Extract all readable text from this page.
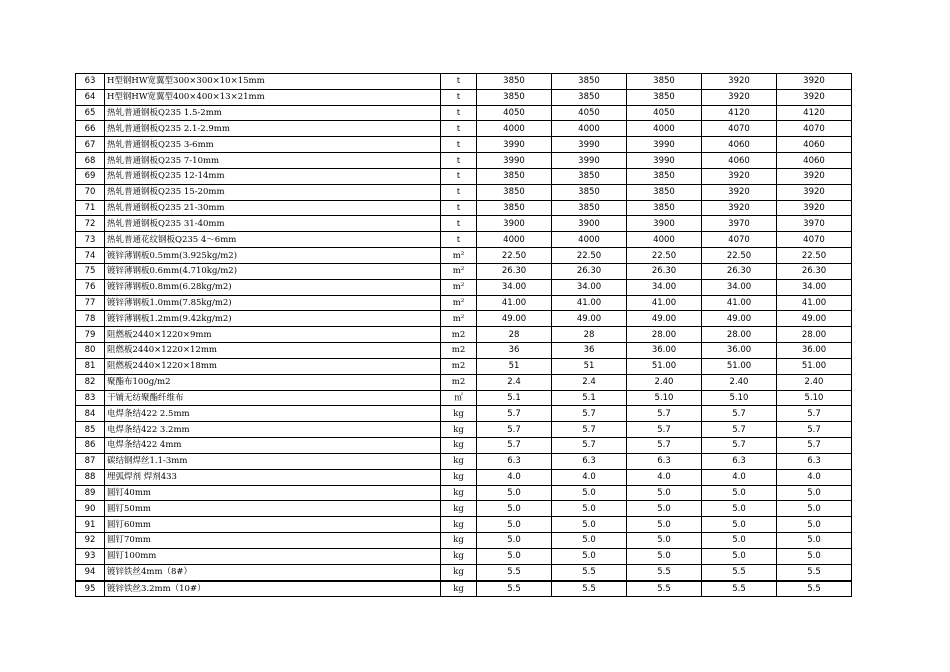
63	H型钢HW宽翼型300×300×10×15mm	t	3850	3850	3850	3920	3920
64	H型钢HW宽翼型400×400×13×21mm	t	3850	3850	3850	3920	3920
65	热轧普通钢板Q235 1.5-2mm	t	4050	4050	4050	4120	4120
66	热轧普通钢板Q235 2.1-2.9mm	t	4000	4000	4000	4070	4070
67	热轧普通钢板Q235 3-6mm	t	3990	3990	3990	4060	4060
68	热轧普通钢板Q235 7-10mm	t	3990	3990	3990	4060	4060
69	热轧普通钢板Q235 12-14mm	t	3850	3850	3850	3920	3920
70	热轧普通钢板Q235 15-20mm	t	3850	3850	3850	3920	3920
71	热轧普通钢板Q235 21-30mm	t	3850	3850	3850	3920	3920
72	热轧普通钢板Q235 31-40mm	t	3900	3900	3900	3970	3970
73	热轧普通花纹钢板Q235 4～6mm	t	4000	4000	4000	4070	4070
74	镀锌薄钢板0.5mm(3.925kg/m2)	m²	22.50	22.50	22.50	22.50	22.50
75	镀锌薄钢板0.6mm(4.710kg/m2)	m²	26.30	26.30	26.30	26.30	26.30
76	镀锌薄钢板0.8mm(6.28kg/m2)	m²	34.00	34.00	34.00	34.00	34.00
77	镀锌薄钢板1.0mm(7.85kg/m2)	m²	41.00	41.00	41.00	41.00	41.00
78	镀锌薄钢板1.2mm(9.42kg/m2)	m²	49.00	49.00	49.00	49.00	49.00
79	阻燃板2440×1220×9mm	m2	28	28	28.00	28.00	28.00
80	阻燃板2440×1220×12mm	m2	36	36	36.00	36.00	36.00
81	阻燃板2440×1220×18mm	m2	51	51	51.00	51.00	51.00
82	聚酯布100g/m2	m2	2.4	2.4	2.40	2.40	2.40
83	干铺无纺聚酯纤维布	㎡	5.1	5.1	5.10	5.10	5.10
84	电焊条结422 2.5mm	kg	5.7	5.7	5.7	5.7	5.7
85	电焊条结422 3.2mm	kg	5.7	5.7	5.7	5.7	5.7
86	电焊条结422 4mm	kg	5.7	5.7	5.7	5.7	5.7
87	碳结钢焊丝1.1-3mm	kg	6.3	6.3	6.3	6.3	6.3
88	埋弧焊剂 焊剂433	kg	4.0	4.0	4.0	4.0	4.0
89	圆钉40mm	kg	5.0	5.0	5.0	5.0	5.0
90	圆钉50mm	kg	5.0	5.0	5.0	5.0	5.0
91	圆钉60mm	kg	5.0	5.0	5.0	5.0	5.0
92	圆钉70mm	kg	5.0	5.0	5.0	5.0	5.0
93	圆钉100mm	kg	5.0	5.0	5.0	5.0	5.0
94	镀锌铁丝4mm（8#）	kg	5.5	5.5	5.5	5.5	5.5
95	镀锌铁丝3.2mm（10#）	kg	5.5	5.5	5.5	5.5	5.5
